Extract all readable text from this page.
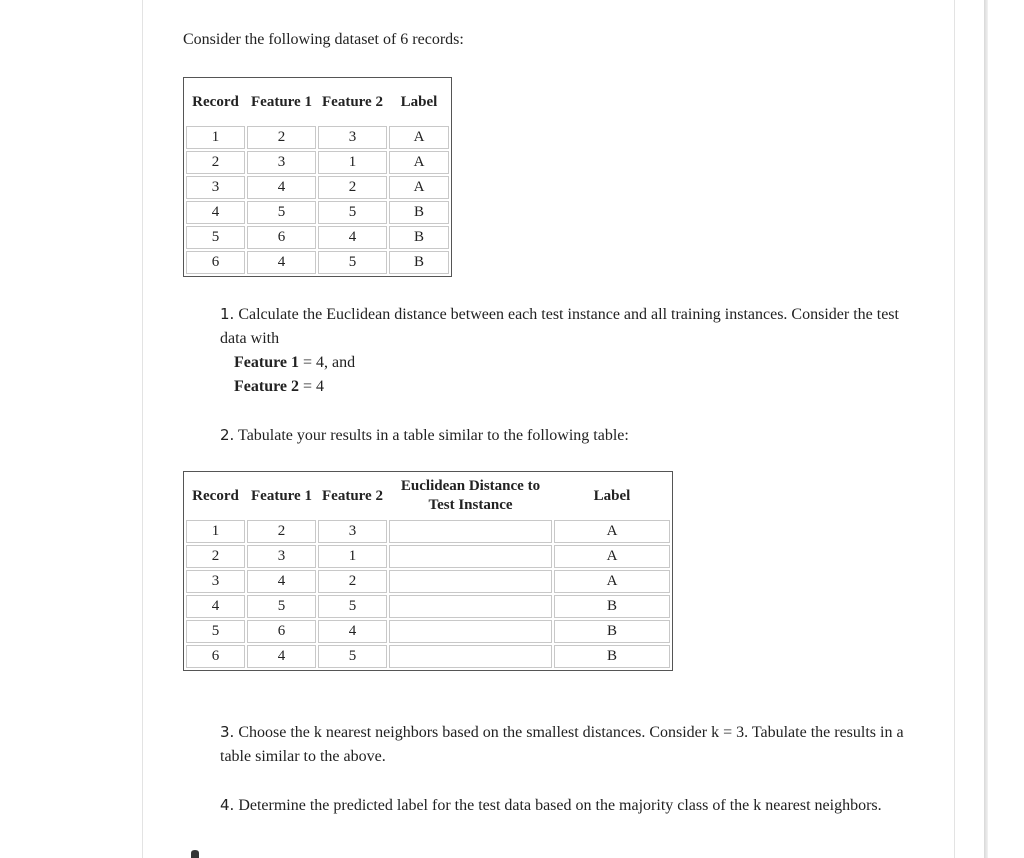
Consider the following dataset of 6 records:
Record	Feature 1	Feature 2	Label
1	2	3	A
2	3	1	A
3	4	2	A
4	5	5	B
5	6	4	B
6	4	5	B
1. Calculate the Euclidean distance between each test instance and all training instances. Consider the test data with
Feature 1 = 4, and
Feature 2 = 4
2. Tabulate your results in a table similar to the following table:
Record	Feature 1	Feature 2	Euclidean Distance to Test Instance	Label
1	2	3		A
2	3	1		A
3	4	2		A
4	5	5		B
5	6	4		B
6	4	5		B
3. Choose the k nearest neighbors based on the smallest distances. Consider k = 3. Tabulate the results in a table similar to the above.
4. Determine the predicted label for the test data based on the majority class of the k nearest neighbors.
